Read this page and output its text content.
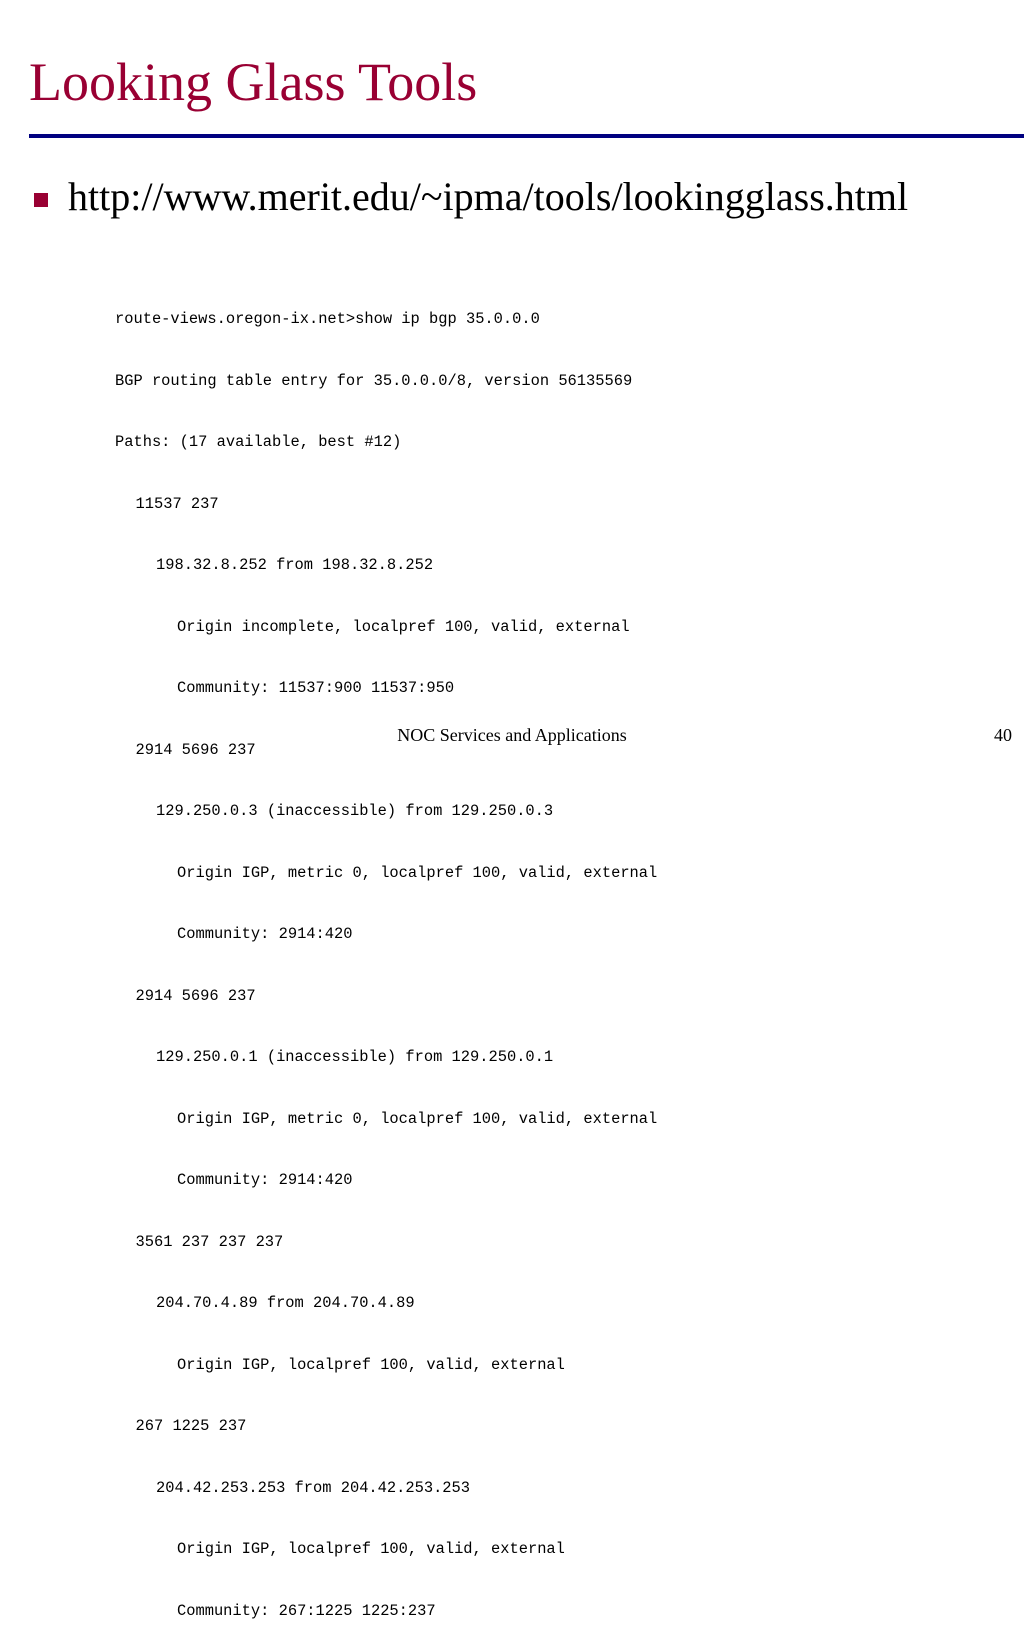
Looking Glass Tools
http://www.merit.edu/~ipma/tools/lookingglass.html

route-views.oregon-ix.net>show ip bgp 35.0.0.0

BGP routing table entry for 35.0.0.0/8, version 56135569

Paths: (17 available, best #12)

11537 237

198.32.8.252 from 198.32.8.252

Origin incomplete, localpref 100, valid, external

Community: 11537:900 11537:950

2914 5696 237

129.250.0.3 (inaccessible) from 129.250.0.3

Origin IGP, metric 0, localpref 100, valid, external

Community: 2914:420

2914 5696 237

129.250.0.1 (inaccessible) from 129.250.0.1

Origin IGP, metric 0, localpref 100, valid, external

Community: 2914:420

3561 237 237 237

204.70.4.89 from 204.70.4.89

Origin IGP, localpref 100, valid, external

267 1225 237

204.42.253.253 from 204.42.253.253

Origin IGP, localpref 100, valid, external

Community: 267:1225 1225:237

NOC Services and Applications	40
